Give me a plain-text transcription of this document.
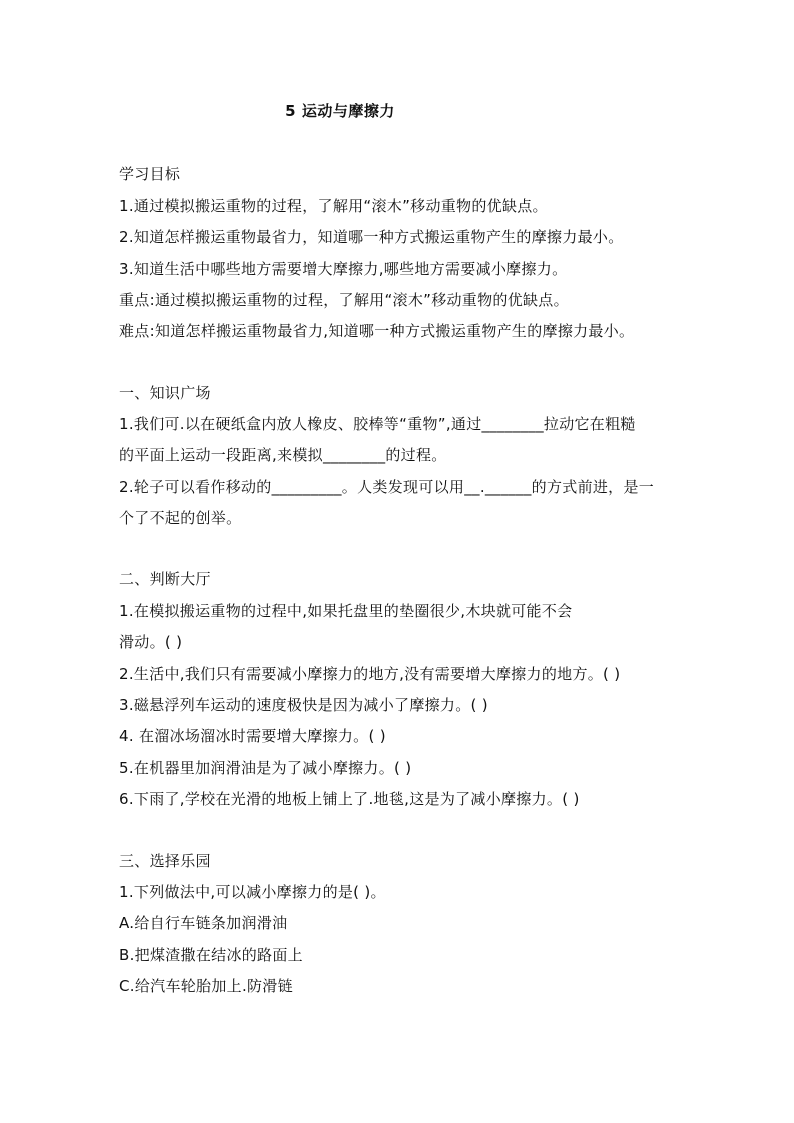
5 运动与摩擦力
学习目标
1.通过模拟搬运重物的过程，了解用“滚木”移动重物的优缺点。
2.知道怎样搬运重物最省力，知道哪一种方式搬运重物产生的摩擦力最小。
3.知道生活中哪些地方需要增大摩擦力,哪些地方需要减小摩擦力。
重点:通过模拟搬运重物的过程，了解用“滚木”移动重物的优缺点。
难点:知道怎样搬运重物最省力,知道哪一种方式搬运重物产生的摩擦力最小。
一、知识广场
1.我们可.以在硬纸盒内放人橡皮、胶棒等“重物”,通过________拉动它在粗糙
的平面上运动一段距离,来模拟________的过程。
2.轮子可以看作移动的_________。人类发现可以用__.______的方式前进，是一
个了不起的创举。
二、判断大厅
1.在模拟搬运重物的过程中,如果托盘里的垫圈很少,木块就可能不会
滑动。( )
2.生活中,我们只有需要减小摩擦力的地方,没有需要增大摩擦力的地方。( )
3.磁悬浮列车运动的速度极快是因为减小了摩擦力。( )
4. 在溜冰场溜冰时需要增大摩擦力。( )
5.在机器里加润滑油是为了减小摩擦力。( )
6.下雨了,学校在光滑的地板上铺上了.地毯,这是为了减小摩擦力。( )
三、选择乐园
1.下列做法中,可以减小摩擦力的是( )。
A.给自行车链条加润滑油
B.把煤渣撒在结冰的路面上
C.给汽车轮胎加上.防滑链
